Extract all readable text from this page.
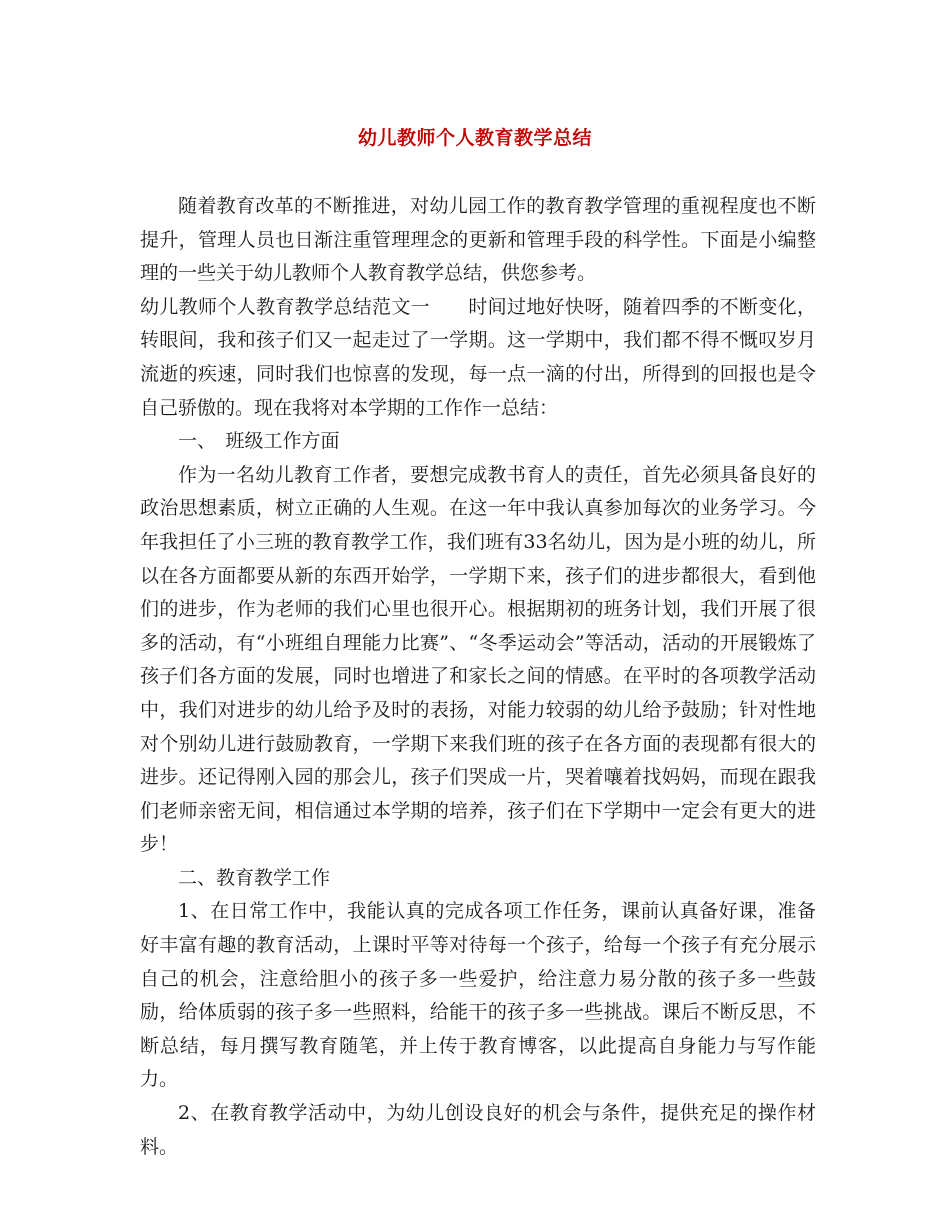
幼儿教师个人教育教学总结

随着教育改革的不断推进，对幼儿园工作的教育教学管理的重视程度也不断提升，管理人员也日渐注重管理理念的更新和管理手段的科学性。下面是小编整理的一些关于幼儿教师个人教育教学总结，供您参考。

幼儿教师个人教育教学总结范文一 时间过地好快呀，随着四季的不断变化，转眼间，我和孩子们又一起走过了一学期。这一学期中，我们都不得不慨叹岁月流逝的疾速，同时我们也惊喜的发现，每一点一滴的付出，所得到的回报也是令自己骄傲的。现在我将对本学期的工作作一总结：

一、　班级工作方面

作为一名幼儿教育工作者，要想完成教书育人的责任，首先必须具备良好的政治思想素质，树立正确的人生观。在这一年中我认真参加每次的业务学习。今年我担任了小三班的教育教学工作，我们班有33名幼儿，因为是小班的幼儿，所以在各方面都要从新的东西开始学，一学期下来，孩子们的进步都很大，看到他们的进步，作为老师的我们心里也很开心。根据期初的班务计划，我们开展了很多的活动，有“小班组自理能力比赛”、“冬季运动会”等活动，活动的开展锻炼了孩子们各方面的发展，同时也增进了和家长之间的情感。在平时的各项教学活动中，我们对进步的幼儿给予及时的表扬，对能力较弱的幼儿给予鼓励；针对性地对个别幼儿进行鼓励教育，一学期下来我们班的孩子在各方面的表现都有很大的进步。还记得刚入园的那会儿，孩子们哭成一片，哭着嚷着找妈妈，而现在跟我们老师亲密无间，相信通过本学期的培养，孩子们在下学期中一定会有更大的进步！

二、教育教学工作

1、在日常工作中，我能认真的完成各项工作任务，课前认真备好课，准备好丰富有趣的教育活动，上课时平等对待每一个孩子，给每一个孩子有充分展示自己的机会，注意给胆小的孩子多一些爱护，给注意力易分散的孩子多一些鼓励，给体质弱的孩子多一些照料，给能干的孩子多一些挑战。课后不断反思，不断总结，每月撰写教育随笔，并上传于教育博客，以此提高自身能力与写作能力。

2、在教育教学活动中，为幼儿创设良好的机会与条件，提供充足的操作材料。
